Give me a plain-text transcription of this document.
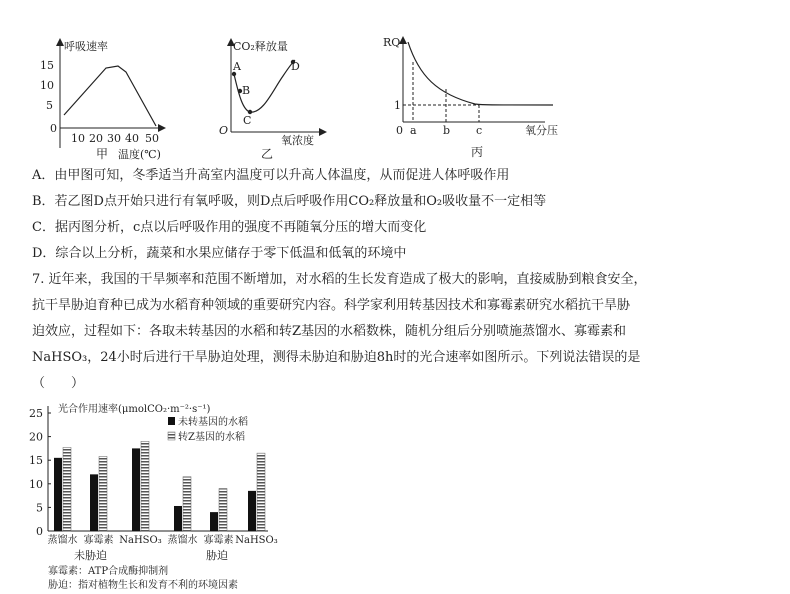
呼吸速率
15
10
5
0
10 20 30 40 50
甲 温度(℃)
CO₂释放量
O
A
B
C
D
氧浓度
乙
RQ
1
0 a b c	氧分压
丙
A．由甲图可知，冬季适当升高室内温度可以升高人体温度，从而促进人体呼吸作用
B．若乙图D点开始只进行有氧呼吸，则D点后呼吸作用CO₂释放量和O₂吸收量不一定相等
C．据丙图分析，c点以后呼吸作用的强度不再随氧分压的增大而变化
D．综合以上分析，蔬菜和水果应储存于零下低温和低氧的环境中
7. 近年来，我国的干旱频率和范围不断增加，对水稻的生长发育造成了极大的影响，直接威胁到粮食安全，
抗干旱胁迫育种已成为水稻育种领域的重要研究内容。科学家利用转基因技术和寡霉素研究水稻抗干旱胁
迫效应，过程如下：各取未转基因的水稻和转Z基因的水稻数株，随机分组后分别喷施蒸馏水、寡霉素和
NaHSO₃，24小时后进行干旱胁迫处理，测得未胁迫和胁迫8h时的光合速率如图所示。下列说法错误的是
（　　）
光合作用速率(μmolCO₂·m⁻²·s⁻¹)
未转基因的水稻
转Z基因的水稻
25
20
15
10
5
0
蒸馏水 寡霉素 NaHSO₃ 蒸馏水 寡霉素 NaHSO₃
未胁迫	胁迫
寡霉素：ATP合成酶抑制剂
胁迫：指对植物生长和发育不利的环境因素
